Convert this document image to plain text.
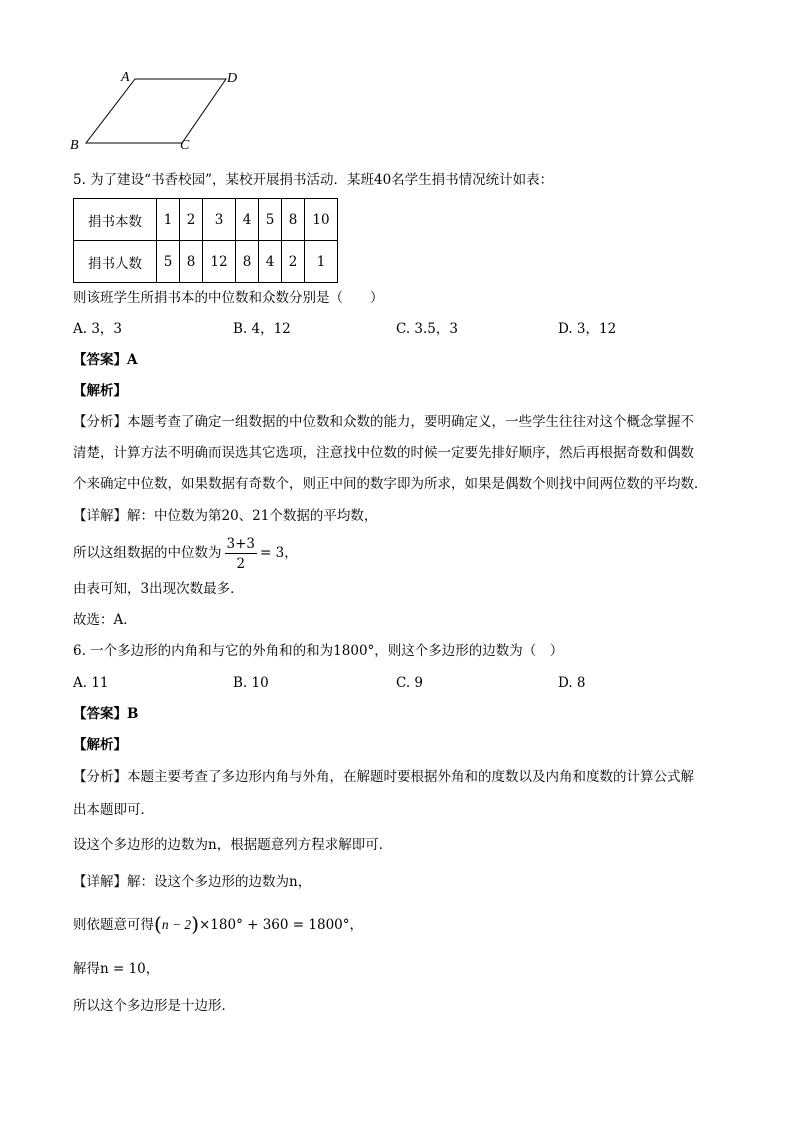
A	D
B	C
5. 为了建设“书香校园”，某校开展捐书活动．某班40名学生捐书情况统计如表：
捐书本数	1	2	3	4	5	8	10
捐书人数	5	8	12	8	4	2	1
则该班学生所捐书本的中位数和众数分别是（　　）
A. 3，3	B. 4，12	C. 3.5，3	D. 3，12
【答案】A
【解析】
【分析】本题考查了确定一组数据的中位数和众数的能力，要明确定义，一些学生往往对这个概念掌握不
清楚，计算方法不明确而误选其它选项，注意找中位数的时候一定要先排好顺序，然后再根据奇数和偶数
个来确定中位数，如果数据有奇数个，则正中间的数字即为所求，如果是偶数个则找中间两位数的平均数．
【详解】解：中位数为第20、21个数据的平均数，
所以这组数据的中位数为 $\frac{3+3}{2} = 3$，
由表可知，3出现次数最多．
故选：A．
6. 一个多边形的内角和与它的外角和的和为1800°，则这个多边形的边数为（　）
A. 11	B. 10	C. 9	D. 8
【答案】B
【解析】
【分析】本题主要考查了多边形内角与外角，在解题时要根据外角和的度数以及内角和度数的计算公式解
出本题即可．
设这个多边形的边数为n，根据题意列方程求解即可．
【详解】解：设这个多边形的边数为n，
则依题意可得(n − 2)×180° + 360 = 1800°，
解得n = 10，
所以这个多边形是十边形．
